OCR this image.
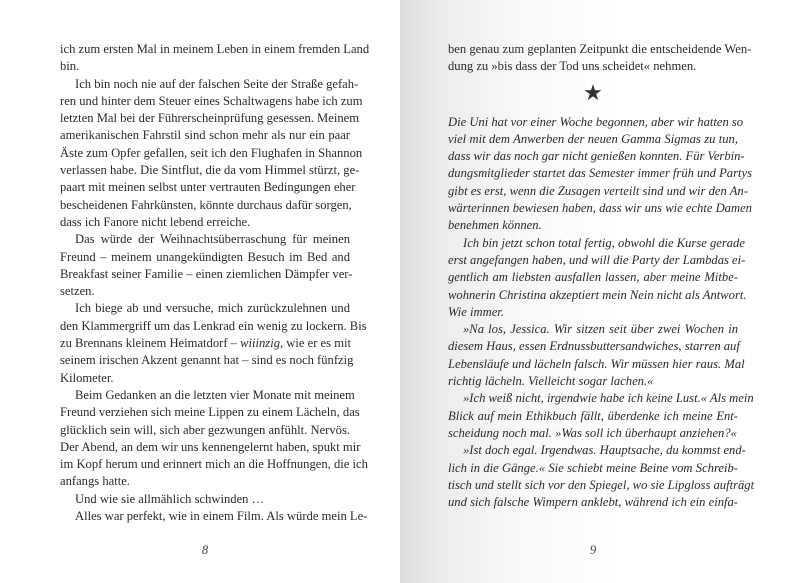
ich zum ersten Mal in meinem Leben in einem fremden Land
bin.
Ich bin noch nie auf der falschen Seite der Straße gefah-
ren und hinter dem Steuer eines Schaltwagens habe ich zum
letzten Mal bei der Führerscheinprüfung gesessen. Meinem
amerikanischen Fahrstil sind schon mehr als nur ein paar
Äste zum Opfer gefallen, seit ich den Flughafen in Shannon
verlassen habe. Die Sintflut, die da vom Himmel stürzt, ge-
paart mit meinen selbst unter vertrauten Bedingungen eher
bescheidenen Fahrkünsten, könnte durchaus dafür sorgen,
dass ich Fanore nicht lebend erreiche.
Das würde der Weihnachtsüberraschung für meinen
Freund – meinem unangekündigten Besuch im Bed and
Breakfast seiner Familie – einen ziemlichen Dämpfer ver-
setzen.
Ich biege ab und versuche, mich zurückzulehnen und
den Klammergriff um das Lenkrad ein wenig zu lockern. Bis
zu Brennans kleinem Heimatdorf – wiiinzig, wie er es mit
seinem irischen Akzent genannt hat – sind es noch fünfzig
Kilometer.
Beim Gedanken an die letzten vier Monate mit meinem
Freund verziehen sich meine Lippen zu einem Lächeln, das
glücklich sein will, sich aber gezwungen anfühlt. Nervös.
Der Abend, an dem wir uns kennengelernt haben, spukt mir
im Kopf herum und erinnert mich an die Hoffnungen, die ich
anfangs hatte.
Und wie sie allmählich schwinden …
Alles war perfekt, wie in einem Film. Als würde mein Le-
8
ben genau zum geplanten Zeitpunkt die entscheidende Wen-
dung zu »bis dass der Tod uns scheidet« nehmen.
★
Die Uni hat vor einer Woche begonnen, aber wir hatten so
viel mit dem Anwerben der neuen Gamma Sigmas zu tun,
dass wir das noch gar nicht genießen konnten. Für Verbin-
dungsmitglieder startet das Semester immer früh und Partys
gibt es erst, wenn die Zusagen verteilt sind und wir den An-
wärterinnen bewiesen haben, dass wir uns wie echte Damen
benehmen können.
Ich bin jetzt schon total fertig, obwohl die Kurse gerade
erst angefangen haben, und will die Party der Lambdas ei-
gentlich am liebsten ausfallen lassen, aber meine Mitbe-
wohnerin Christina akzeptiert mein Nein nicht als Antwort.
Wie immer.
»Na los, Jessica. Wir sitzen seit über zwei Wochen in
diesem Haus, essen Erdnussbuttersandwiches, starren auf
Lebensläufe und lächeln falsch. Wir müssen hier raus. Mal
richtig lächeln. Vielleicht sogar lachen.«
»Ich weiß nicht, irgendwie habe ich keine Lust.« Als mein
Blick auf mein Ethikbuch fällt, überdenke ich meine Ent-
scheidung noch mal. »Was soll ich überhaupt anziehen?«
»Ist doch egal. Irgendwas. Hauptsache, du kommst end-
lich in die Gänge.« Sie schiebt meine Beine vom Schreib-
tisch und stellt sich vor den Spiegel, wo sie Lipgloss aufträgt
und sich falsche Wimpern anklebt, während ich ein einfa-
9
